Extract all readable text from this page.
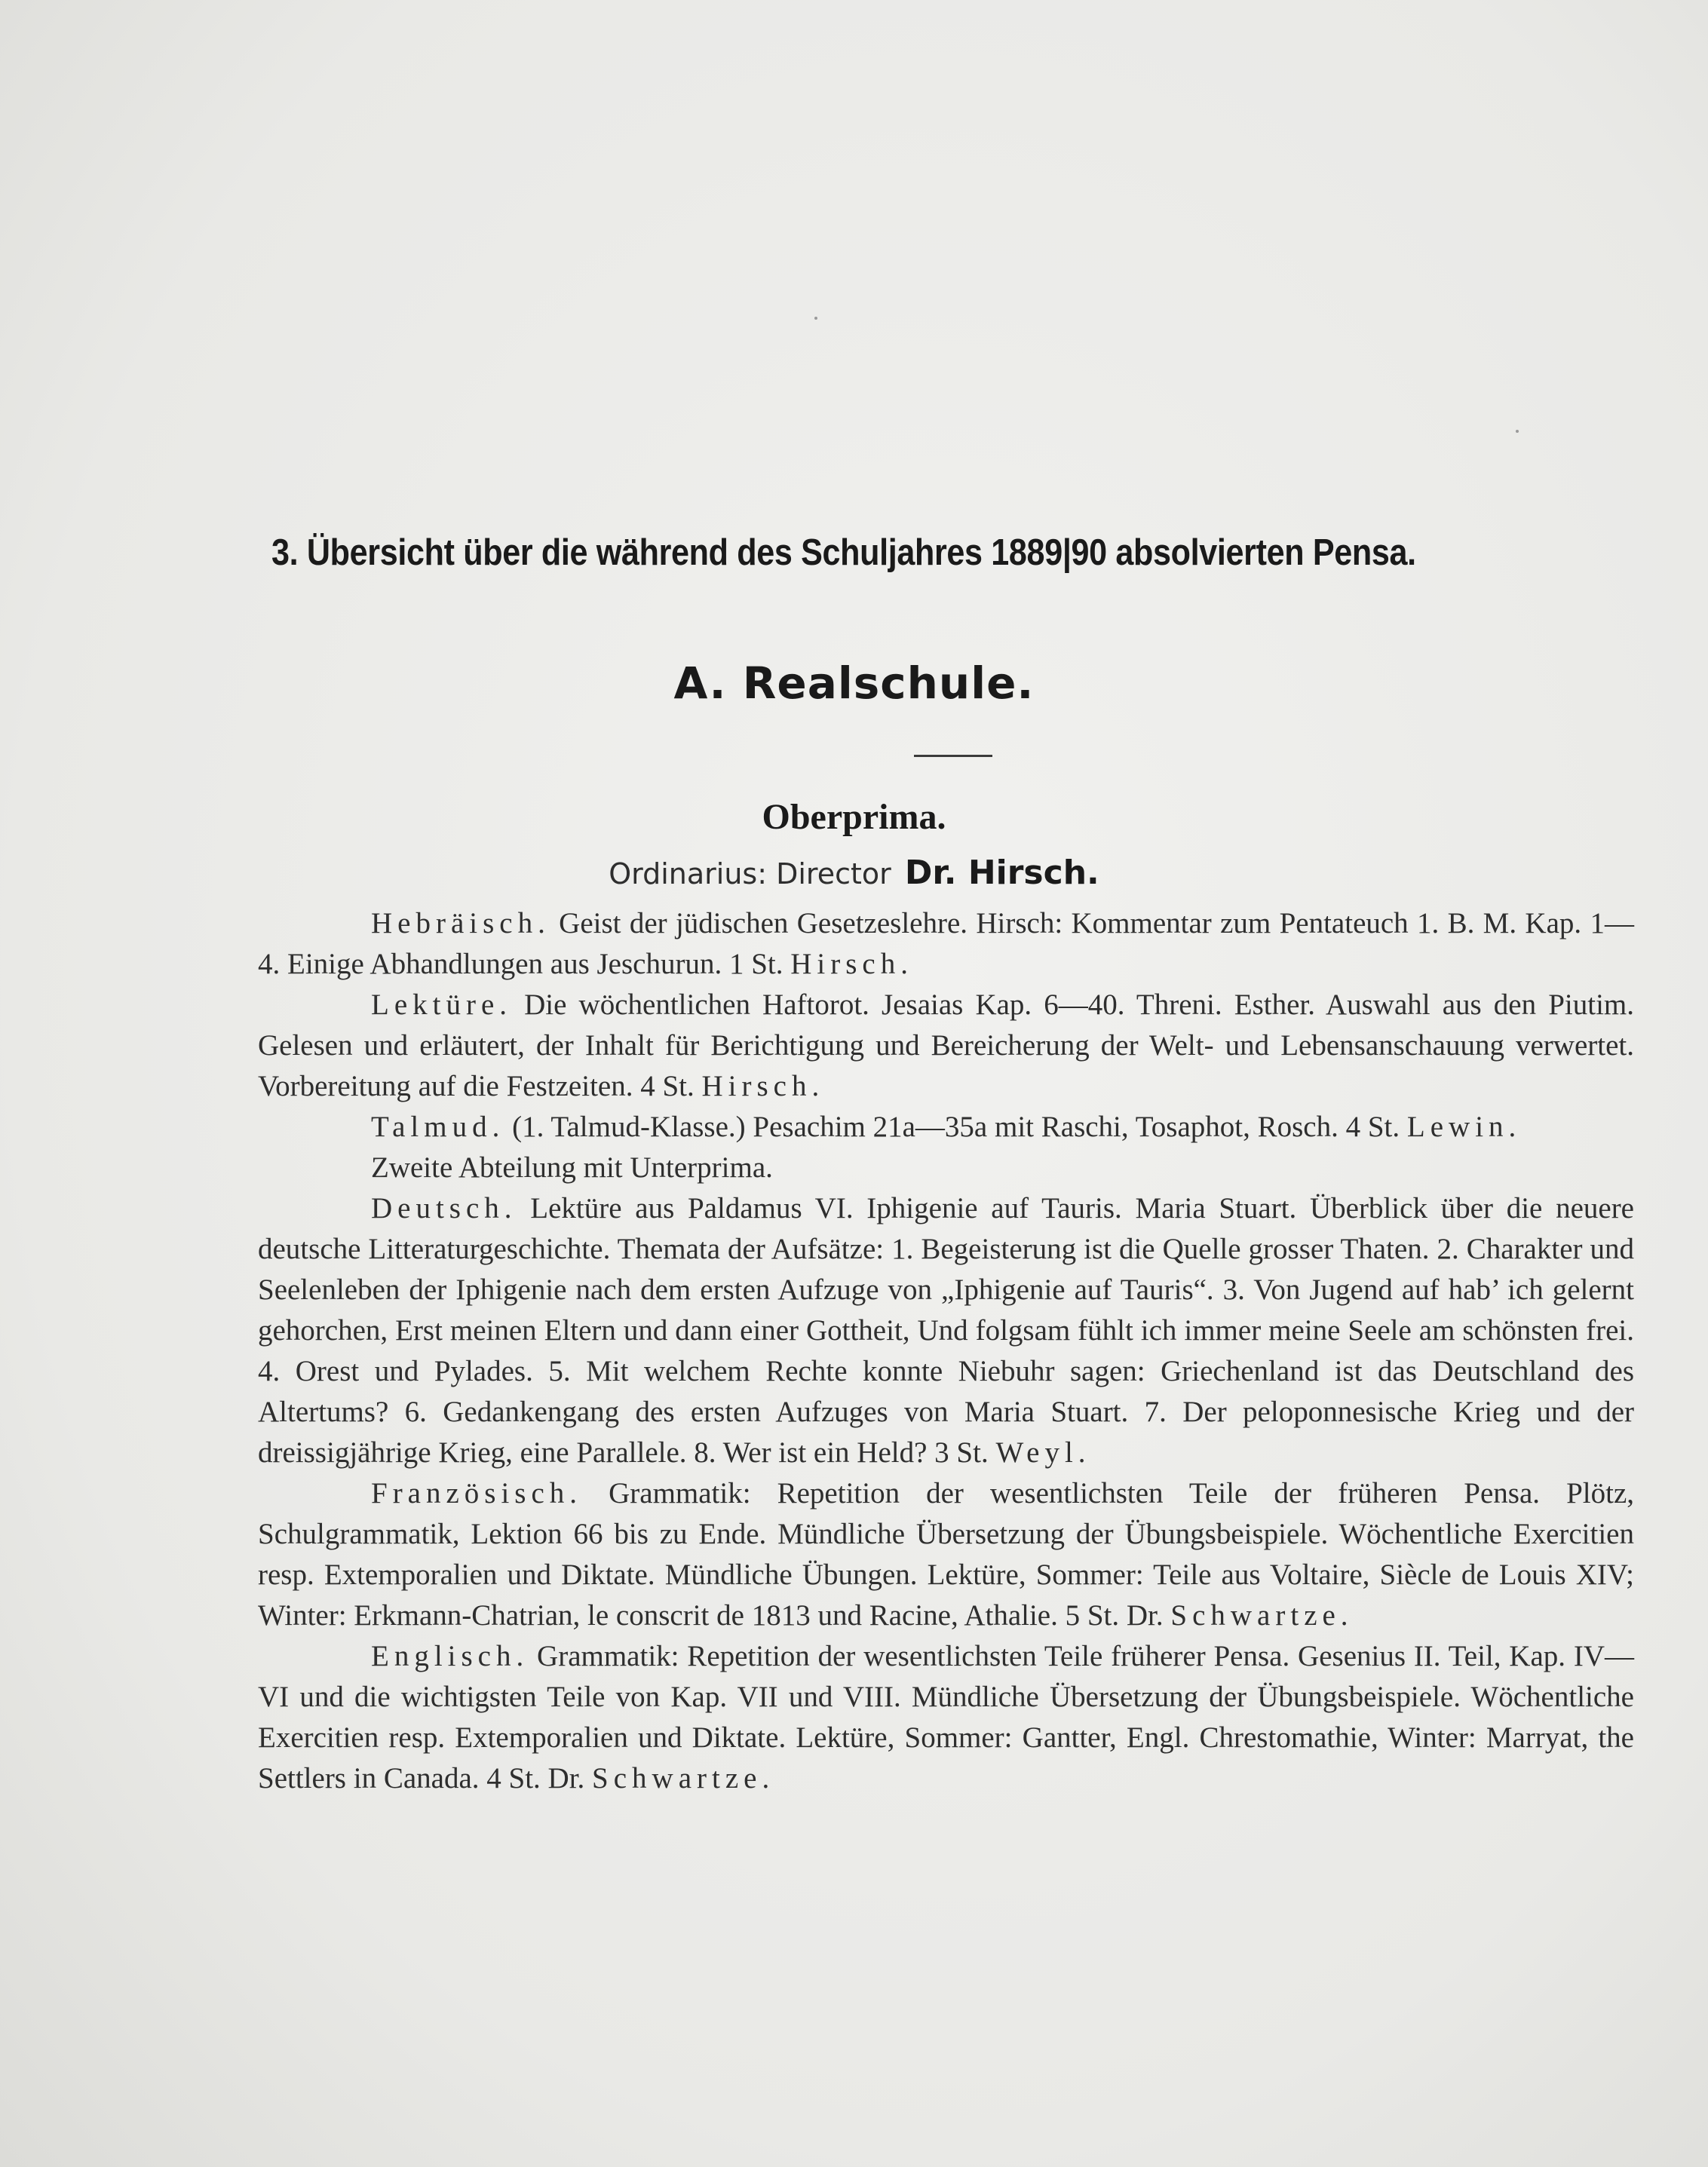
3. Übersicht über die während des Schuljahres 1889|90 absolvierten Pensa.
A. Realschule.
Oberprima.
Ordinarius: Director Dr. Hirsch.

Hebräisch. Geist der jüdischen Gesetzeslehre. Hirsch: Kommentar zum Pentateuch 1. B. M. Kap. 1—4. Einige Abhandlungen aus Jeschurun. 1 St. Hirsch.

Lektüre. Die wöchentlichen Haftorot. Jesaias Kap. 6—40. Threni. Esther. Auswahl aus den Piutim. Gelesen und erläutert, der Inhalt für Berichtigung und Bereicherung der Welt- und Lebensanschauung verwertet. Vorbereitung auf die Festzeiten. 4 St. Hirsch.

Talmud. (1. Talmud-Klasse.) Pesachim 21a—35a mit Raschi, Tosaphot, Rosch. 4 St. Lewin.

Zweite Abteilung mit Unterprima.

Deutsch. Lektüre aus Paldamus VI. Iphigenie auf Tauris. Maria Stuart. Überblick über die neuere deutsche Litteraturgeschichte. Themata der Aufsätze: 1. Begeisterung ist die Quelle grosser Thaten. 2. Charakter und Seelenleben der Iphigenie nach dem ersten Aufzuge von „Iphigenie auf Tauris“. 3. Von Jugend auf hab’ ich gelernt gehorchen, Erst meinen Eltern und dann einer Gottheit, Und folgsam fühlt ich immer meine Seele am schönsten frei. 4. Orest und Pylades. 5. Mit welchem Rechte konnte Niebuhr sagen: Griechenland ist das Deutschland des Altertums? 6. Gedankengang des ersten Aufzuges von Maria Stuart. 7. Der peloponnesische Krieg und der dreissigjährige Krieg, eine Parallele. 8. Wer ist ein Held? 3 St. Weyl.

Französisch. Grammatik: Repetition der wesentlichsten Teile der früheren Pensa. Plötz, Schulgrammatik, Lektion 66 bis zu Ende. Mündliche Übersetzung der Übungsbeispiele. Wöchentliche Exercitien resp. Extemporalien und Diktate. Mündliche Übungen. Lektüre, Sommer: Teile aus Voltaire, Siècle de Louis XIV; Winter: Erkmann-Chatrian, le conscrit de 1813 und Racine, Athalie. 5 St. Dr. Schwartze.

Englisch. Grammatik: Repetition der wesentlichsten Teile früherer Pensa. Gesenius II. Teil, Kap. IV—VI und die wichtigsten Teile von Kap. VII und VIII. Mündliche Übersetzung der Übungsbeispiele. Wöchentliche Exercitien resp. Extemporalien und Diktate. Lektüre, Sommer: Gantter, Engl. Chrestomathie, Winter: Marryat, the Settlers in Canada. 4 St. Dr. Schwartze.
